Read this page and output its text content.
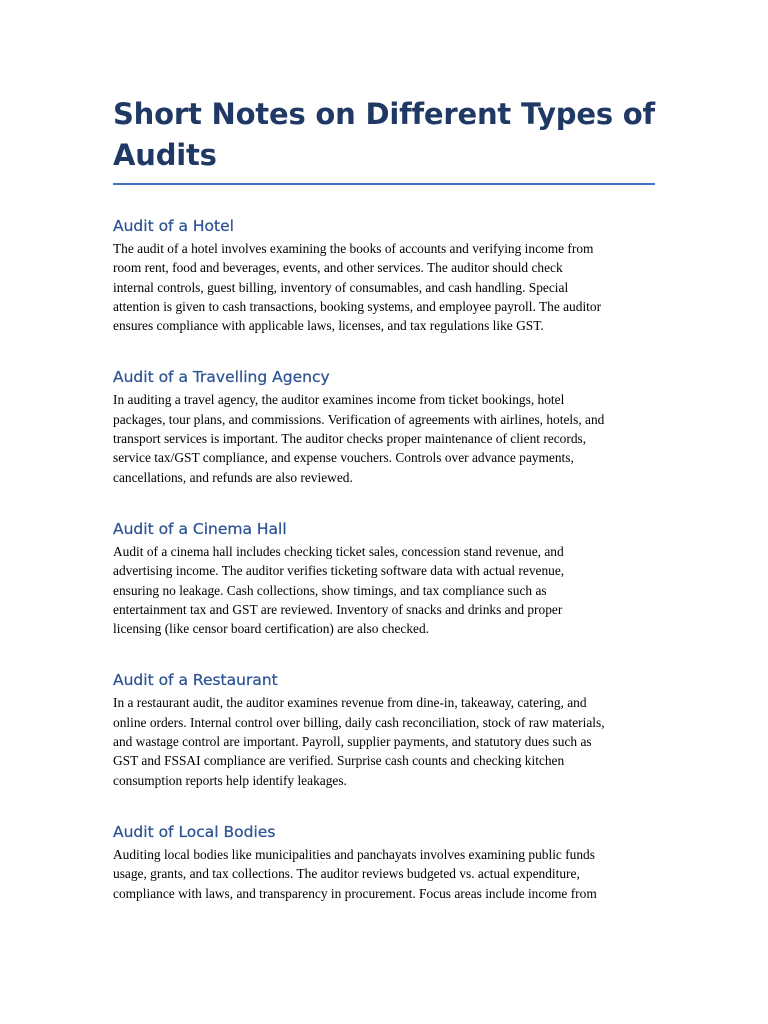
Short Notes on Different Types of
Audits
Audit of a Hotel

The audit of a hotel involves examining the books of accounts and verifying income from
room rent, food and beverages, events, and other services. The auditor should check
internal controls, guest billing, inventory of consumables, and cash handling. Special
attention is given to cash transactions, booking systems, and employee payroll. The auditor
ensures compliance with applicable laws, licenses, and tax regulations like GST.

Audit of a Travelling Agency

In auditing a travel agency, the auditor examines income from ticket bookings, hotel
packages, tour plans, and commissions. Verification of agreements with airlines, hotels, and
transport services is important. The auditor checks proper maintenance of client records,
service tax/GST compliance, and expense vouchers. Controls over advance payments,
cancellations, and refunds are also reviewed.

Audit of a Cinema Hall

Audit of a cinema hall includes checking ticket sales, concession stand revenue, and
advertising income. The auditor verifies ticketing software data with actual revenue,
ensuring no leakage. Cash collections, show timings, and tax compliance such as
entertainment tax and GST are reviewed. Inventory of snacks and drinks and proper
licensing (like censor board certification) are also checked.

Audit of a Restaurant

In a restaurant audit, the auditor examines revenue from dine-in, takeaway, catering, and
online orders. Internal control over billing, daily cash reconciliation, stock of raw materials,
and wastage control are important. Payroll, supplier payments, and statutory dues such as
GST and FSSAI compliance are verified. Surprise cash counts and checking kitchen
consumption reports help identify leakages.

Audit of Local Bodies

Auditing local bodies like municipalities and panchayats involves examining public funds
usage, grants, and tax collections. The auditor reviews budgeted vs. actual expenditure,
compliance with laws, and transparency in procurement. Focus areas include income from
